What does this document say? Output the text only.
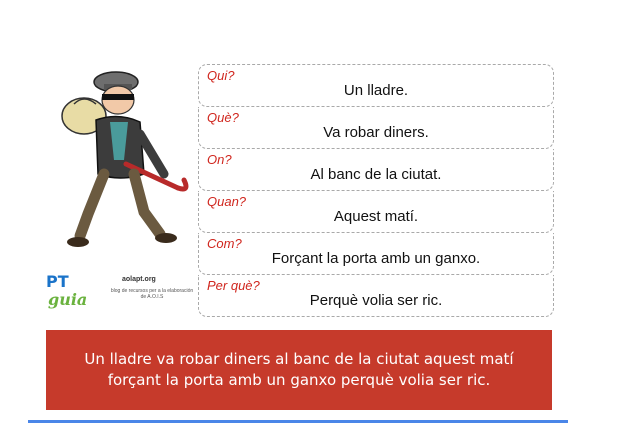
PT
guia
aolapt.org
blog de recursos per a la elaboración de A.O.I.S
Qui?
Un lladre.
Què?
Va robar diners.
On?
Al banc de la ciutat.
Quan?
Aquest matí.
Com?
Forçant la porta amb un ganxo.
Per què?
Perquè volia ser ric.
Un lladre va robar diners al banc de la ciutat aquest matí
forçant la porta amb un ganxo perquè volia ser ric.
